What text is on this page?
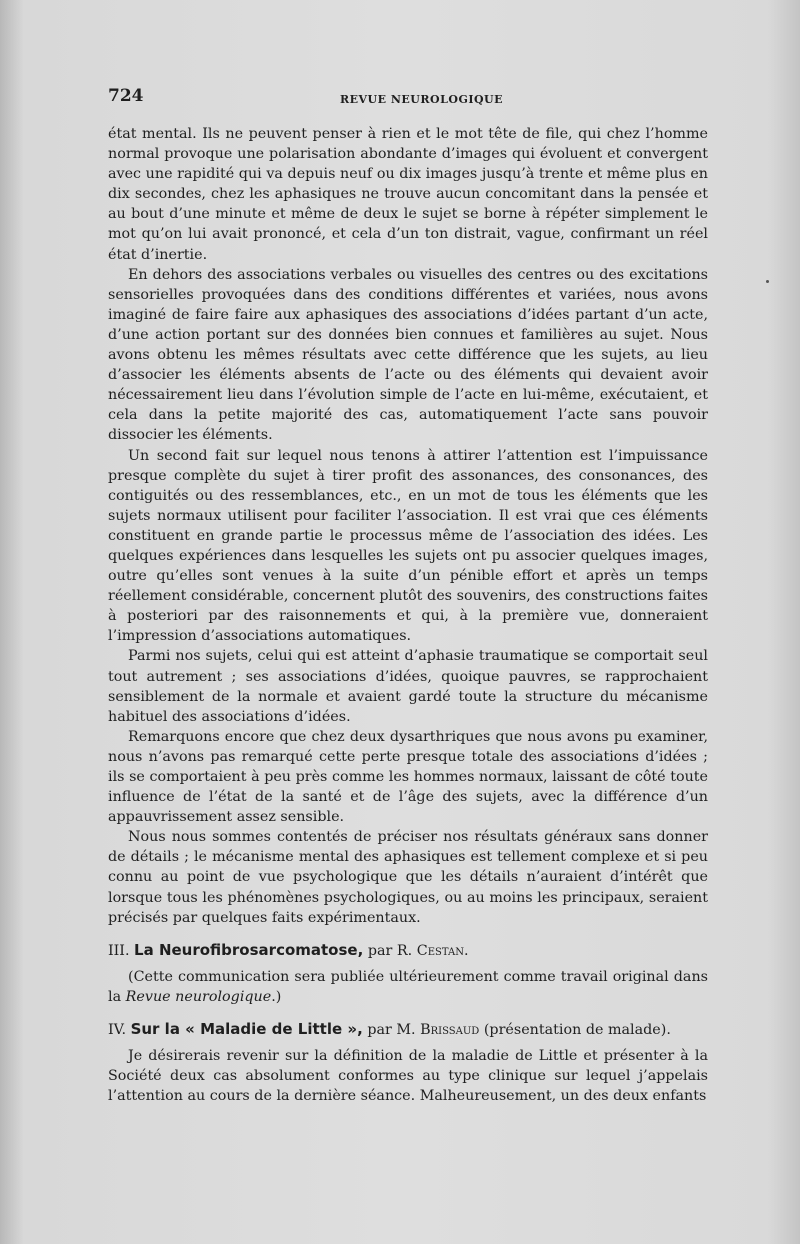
724	REVUE NEUROLOGIQUE

état mental. Ils ne peuvent penser à rien et le mot tête de file, qui chez l’homme normal provoque une polarisation abondante d’images qui évoluent et convergent avec une rapidité qui va depuis neuf ou dix images jusqu’à trente et même plus en dix secondes, chez les aphasiques ne trouve aucun concomitant dans la pensée et au bout d’une minute et même de deux le sujet se borne à répéter simplement le mot qu’on lui avait prononcé, et cela d’un ton distrait, vague, confirmant un réel état d’inertie.

En dehors des associations verbales ou visuelles des centres ou des excitations sensorielles provoquées dans des conditions différentes et variées, nous avons imaginé de faire faire aux aphasiques des associations d’idées partant d’un acte, d’une action portant sur des données bien connues et familières au sujet. Nous avons obtenu les mêmes résultats avec cette différence que les sujets, au lieu d’associer les éléments absents de l’acte ou des éléments qui devaient avoir nécessairement lieu dans l’évolution simple de l’acte en lui-même, exécutaient, et cela dans la petite majorité des cas, automatiquement l’acte sans pouvoir dissocier les éléments.

Un second fait sur lequel nous tenons à attirer l’attention est l’impuissance presque complète du sujet à tirer profit des assonances, des consonances, des contiguités ou des ressemblances, etc., en un mot de tous les éléments que les sujets normaux utilisent pour faciliter l’association. Il est vrai que ces éléments constituent en grande partie le processus même de l’association des idées. Les quelques expériences dans lesquelles les sujets ont pu associer quelques images, outre qu’elles sont venues à la suite d’un pénible effort et après un temps réellement considérable, concernent plutôt des souvenirs, des constructions faites à posteriori par des raisonnements et qui, à la première vue, donneraient l’impression d’associations automatiques.

Parmi nos sujets, celui qui est atteint d’aphasie traumatique se comportait seul tout autrement ; ses associations d’idées, quoique pauvres, se rapprochaient sensiblement de la normale et avaient gardé toute la structure du mécanisme habituel des associations d’idées.

Remarquons encore que chez deux dysarthriques que nous avons pu examiner, nous n’avons pas remarqué cette perte presque totale des associations d’idées ; ils se comportaient à peu près comme les hommes normaux, laissant de côté toute influence de l’état de la santé et de l’âge des sujets, avec la différence d’un appauvrissement assez sensible.

Nous nous sommes contentés de préciser nos résultats généraux sans donner de détails ; le mécanisme mental des aphasiques est tellement complexe et si peu connu au point de vue psychologique que les détails n’auraient d’intérêt que lorsque tous les phénomènes psychologiques, ou au moins les principaux, seraient précisés par quelques faits expérimentaux.

III. La Neurofibrosarcomatose, par R. Cestan.

(Cette communication sera publiée ultérieurement comme travail original dans la Revue neurologique.)

IV. Sur la « Maladie de Little », par M. Brissaud (présentation de malade).

Je désirerais revenir sur la définition de la maladie de Little et présenter à la Société deux cas absolument conformes au type clinique sur lequel j’appelais l’attention au cours de la dernière séance. Malheureusement, un des deux enfants
